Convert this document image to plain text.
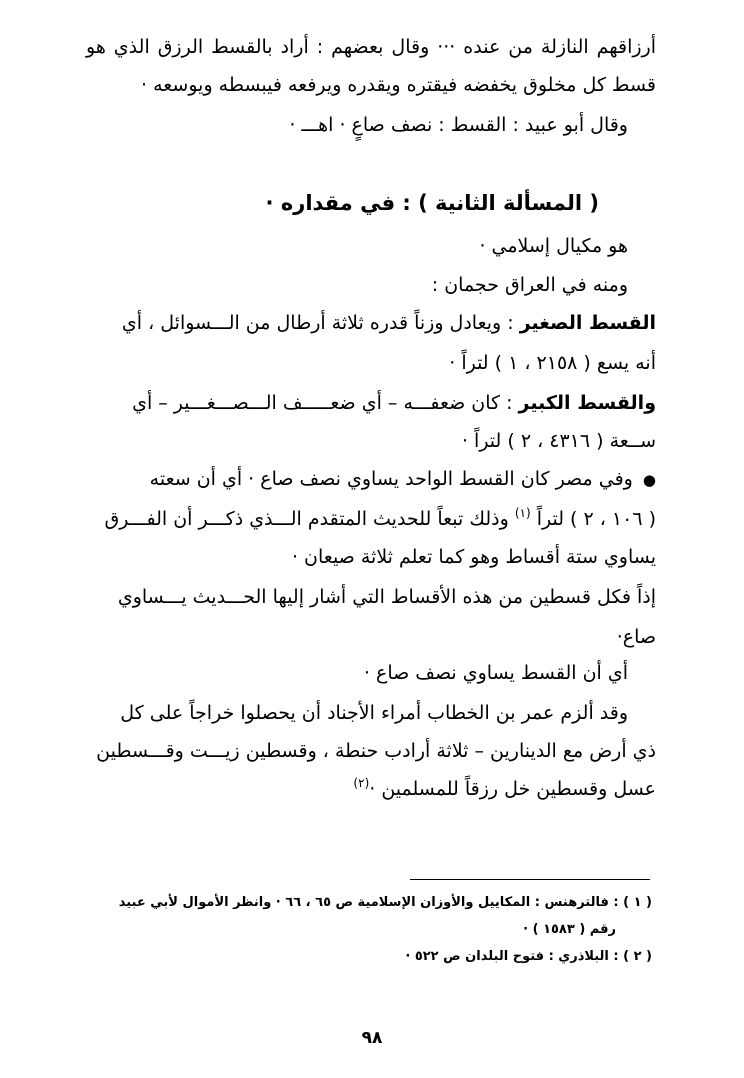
أرزاقهم النازلة من عنده ··· وقال بعضهم : أراد بالقسط الرزق الذي هو
قسط كل مخلوق يخفضه فيقتره ويقدره ويرفعه فيبسطه ويوسعه ·
وقال أبو عبيد : القسط : نصف صاعٍ · اهـــ ·
( المسألة الثانية ) : في مقداره ·
هو مكيال إسلامي ·
ومنه في العراق حجمان :
القسط الصغير : ويعادل وزناً قدره ثلاثة أرطال من الـــسوائل ، أي
أنه يسع ( ٢١٥٨ ، ١ ) لتراً ·
والقسط الكبير : كان ضعفـــه – أي ضعـــــف الـــصـــغـــير – أي
ســعة ( ٤٣١٦ ، ٢ ) لتراً ·
● وفي مصر كان القسط الواحد يساوي نصف صاع · أي أن سعته
( ١٠٦ ، ٢ ) لتراً $^{(١)}$ وذلك تبعاً للحديث المتقدم الـــذي ذكـــر أن الفـــرق
يساوي ستة أقساط وهو كما تعلم ثلاثة صيعان ·
إذاً فكل قسطين من هذه الأقساط التي أشار إليها الحـــديث يـــساوي
صاع·
أي أن القسط يساوي نصف صاع ·
وقد ألزم عمر بن الخطاب أمراء الأجناد أن يحصلوا خراجاً على كل
ذي أرض مع الدينارين – ثلاثة أرادب حنطة ، وقسطين زيـــت وقـــسطين
عسل وقسطين خل رزقاً للمسلمين ·$^{(٢)}$
( ١ ) : فالترهنس : المكاييل والأوزان الإسلامية ص ٦٥ ، ٦٦ · وانظر الأموال لأبي عبيد
رقم ( ١٥٨٣ ) ·
( ٢ ) : البلاذري : فتوح البلدان ص ٥٢٢ ·
٩٨
